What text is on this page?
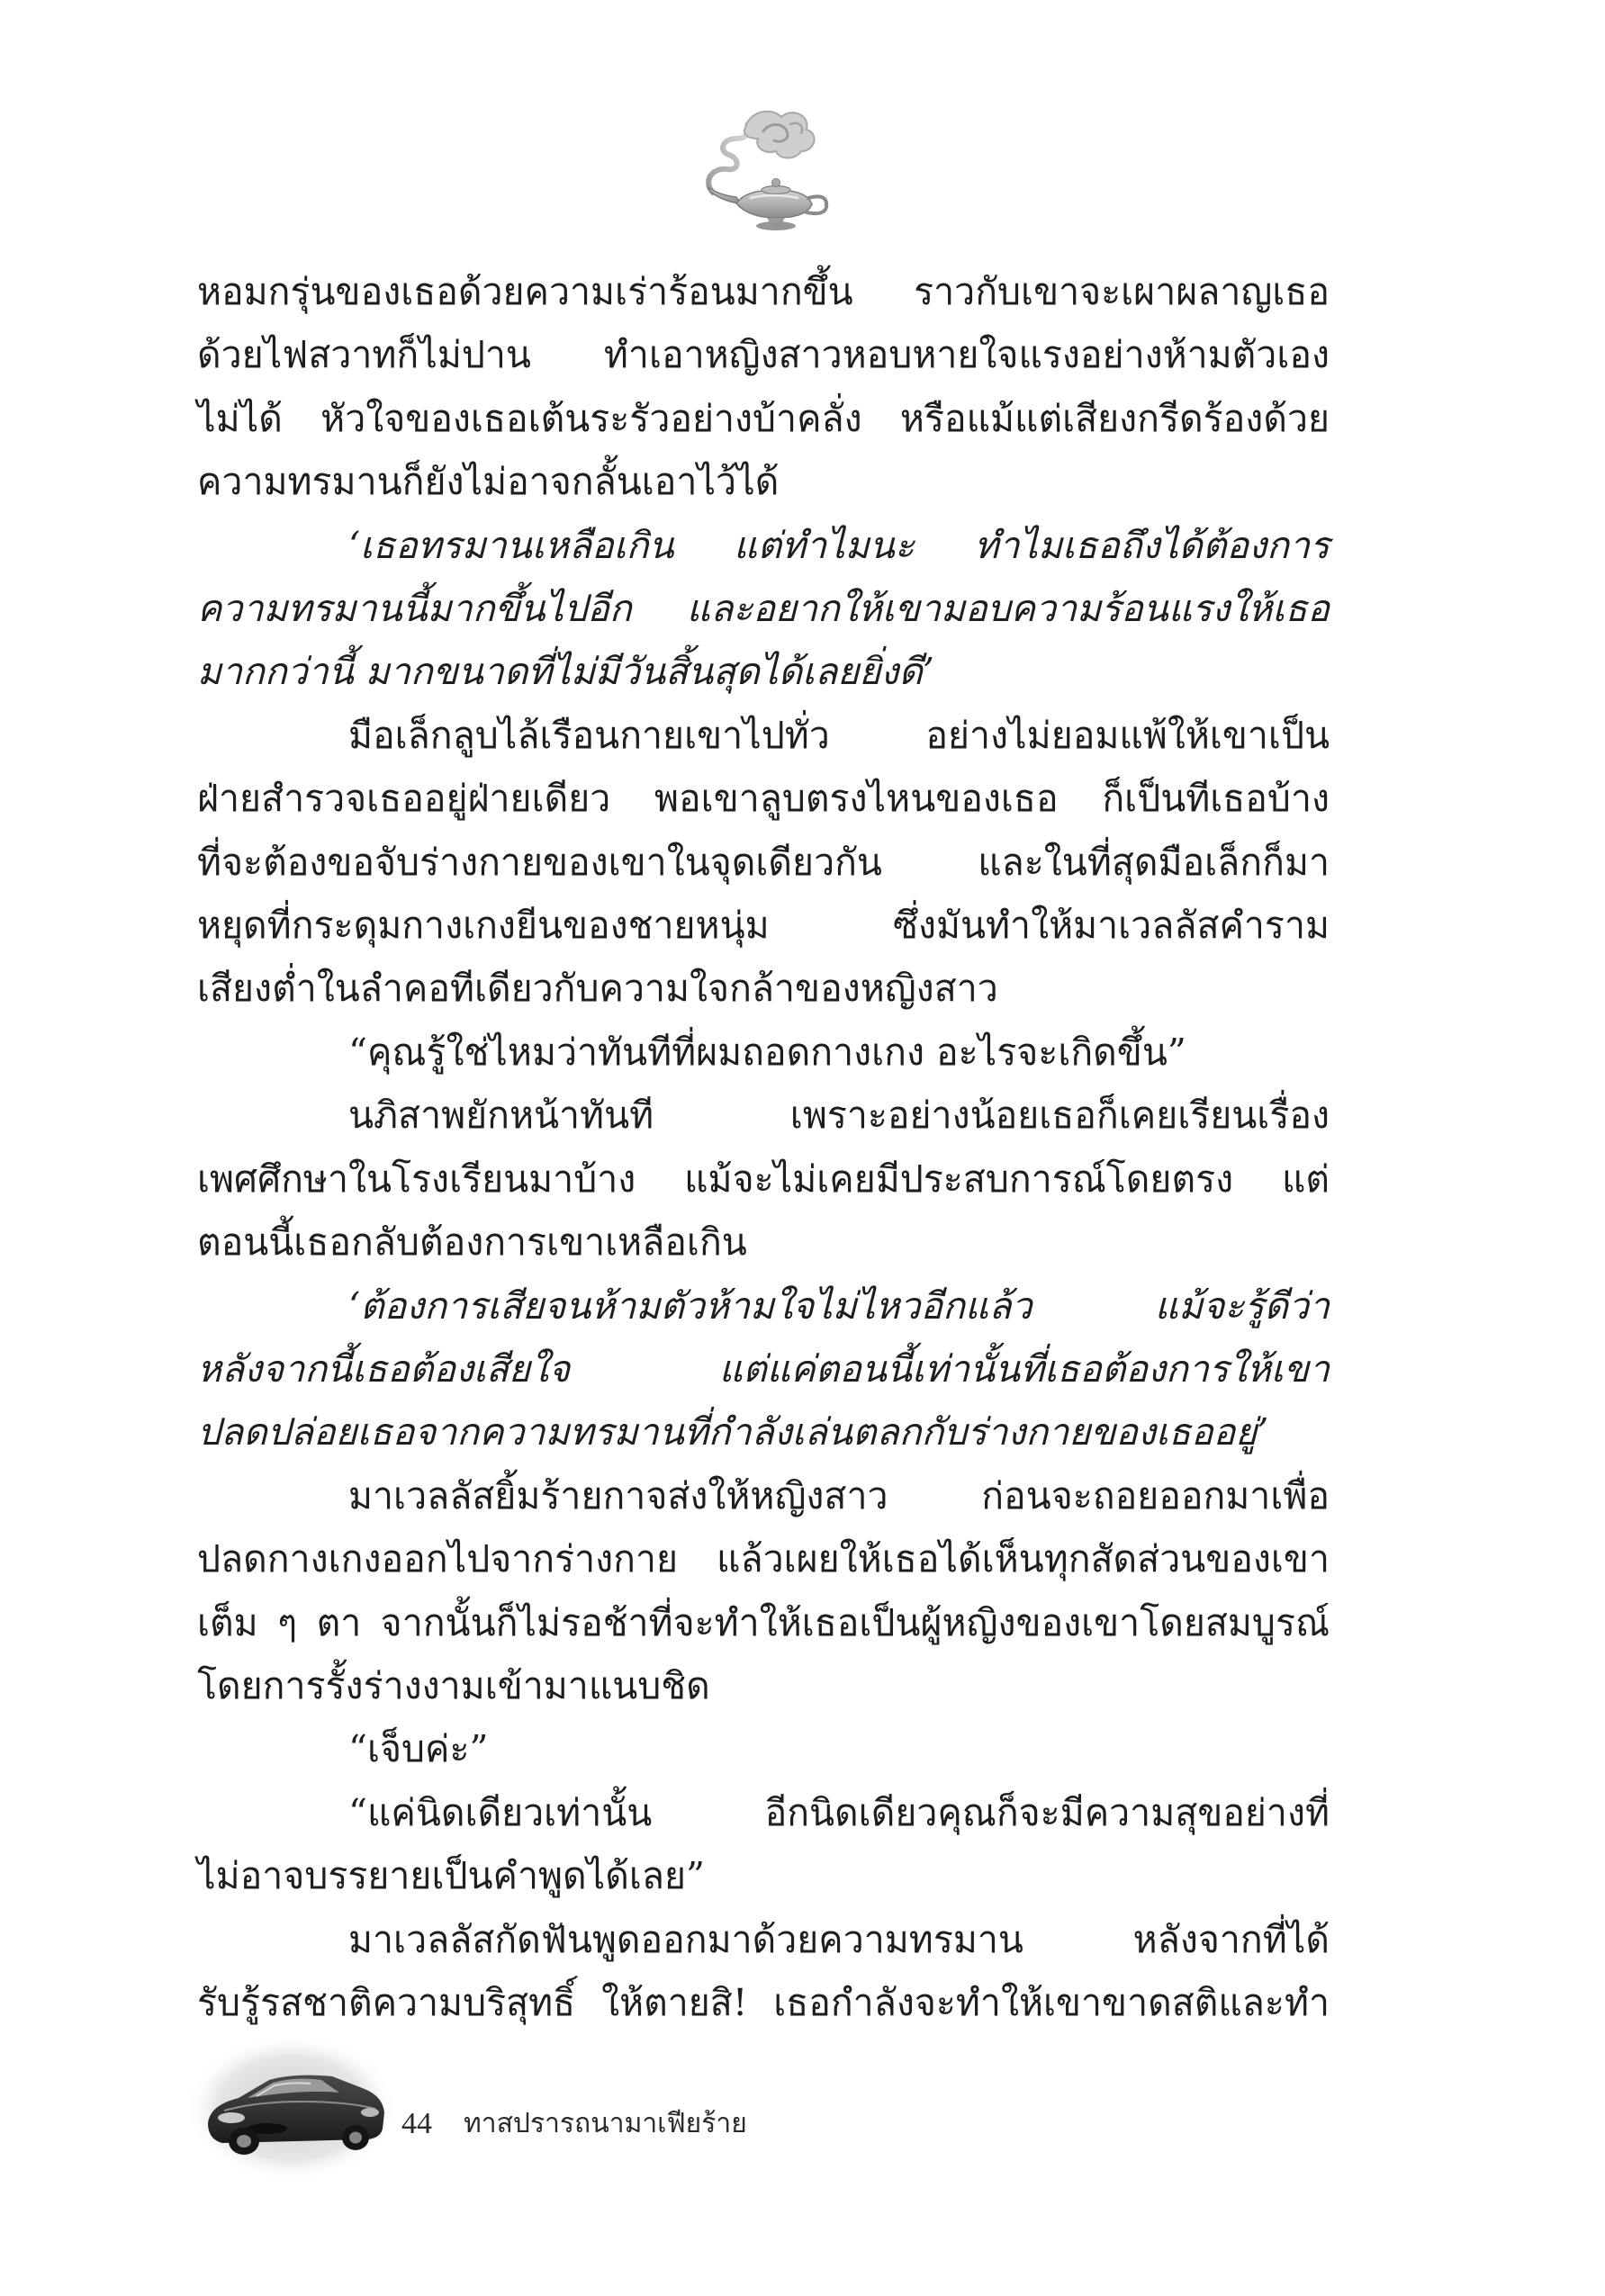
หอมกรุ่นของเธอด้วยความเร่าร้อนมากขึ้น ราวกับเขาจะเผาผลาญเธอ
ด้วยไฟสวาทก็ไม่ปาน ทำเอาหญิงสาวหอบหายใจแรงอย่างห้ามตัวเอง
ไม่ได้ หัวใจของเธอเต้นระรัวอย่างบ้าคลั่ง หรือแม้แต่เสียงกรีดร้องด้วย
ความทรมานก็ยังไม่อาจกลั้นเอาไว้ได้
‘เธอทรมานเหลือเกิน แต่ทำไมนะ ทำไมเธอถึงได้ต้องการ
ความทรมานนี้มากขึ้นไปอีก และอยากให้เขามอบความร้อนแรงให้เธอ
มากกว่านี้ มากขนาดที่ไม่มีวันสิ้นสุดได้เลยยิ่งดี’
มือเล็กลูบไล้เรือนกายเขาไปทั่ว อย่างไม่ยอมแพ้ให้เขาเป็น
ฝ่ายสำรวจเธออยู่ฝ่ายเดียว พอเขาลูบตรงไหนของเธอ ก็เป็นทีเธอบ้าง
ที่จะต้องขอจับร่างกายของเขาในจุดเดียวกัน และในที่สุดมือเล็กก็มา
หยุดที่กระดุมกางเกงยีนของชายหนุ่ม ซึ่งมันทำให้มาเวลลัสคำราม
เสียงต่ำในลำคอทีเดียวกับความใจกล้าของหญิงสาว
“คุณรู้ใช่ไหมว่าทันทีที่ผมถอดกางเกง อะไรจะเกิดขึ้น”
นภิสาพยักหน้าทันที เพราะอย่างน้อยเธอก็เคยเรียนเรื่อง
เพศศึกษาในโรงเรียนมาบ้าง แม้จะไม่เคยมีประสบการณ์โดยตรง แต่
ตอนนี้เธอกลับต้องการเขาเหลือเกิน
‘ต้องการเสียจนห้ามตัวห้ามใจไม่ไหวอีกแล้ว แม้จะรู้ดีว่า
หลังจากนี้เธอต้องเสียใจ แต่แค่ตอนนี้เท่านั้นที่เธอต้องการให้เขา
ปลดปล่อยเธอจากความทรมานที่กำลังเล่นตลกกับร่างกายของเธออยู่’
มาเวลลัสยิ้มร้ายกาจส่งให้หญิงสาว ก่อนจะถอยออกมาเพื่อ
ปลดกางเกงออกไปจากร่างกาย แล้วเผยให้เธอได้เห็นทุกสัดส่วนของเขา
เต็ม ๆ ตา จากนั้นก็ไม่รอช้าที่จะทำให้เธอเป็นผู้หญิงของเขาโดยสมบูรณ์
โดยการรั้งร่างงามเข้ามาแนบชิด
“เจ็บค่ะ”
“แค่นิดเดียวเท่านั้น อีกนิดเดียวคุณก็จะมีความสุขอย่างที่
ไม่อาจบรรยายเป็นคำพูดได้เลย”
มาเวลลัสกัดฟันพูดออกมาด้วยความทรมาน หลังจากที่ได้
รับรู้รสชาติความบริสุทธิ์ ให้ตายสิ! เธอกำลังจะทำให้เขาขาดสติและทำ
44 ทาสปรารถนามาเฟียร้าย
